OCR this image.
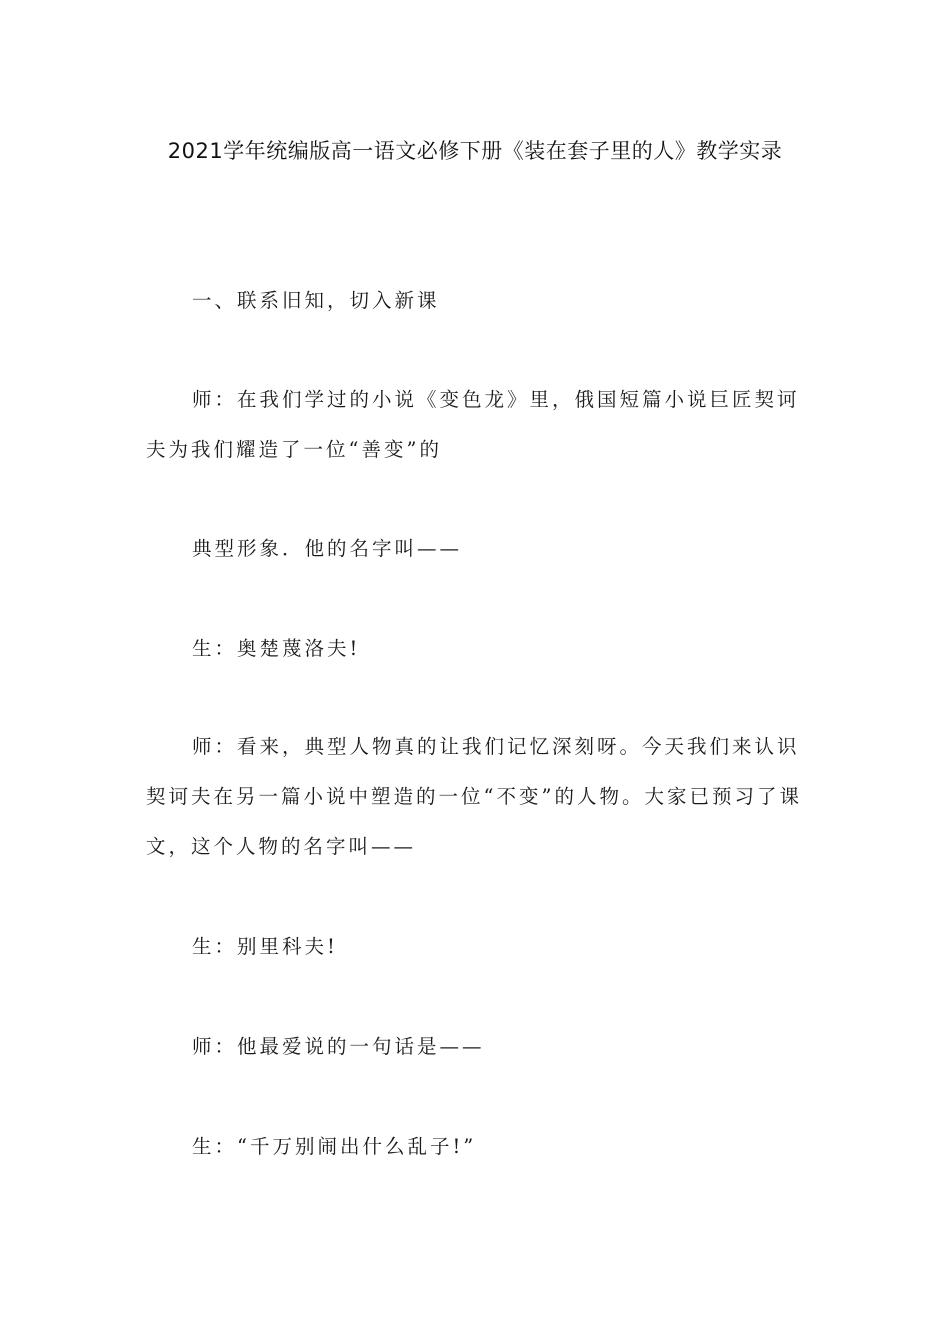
2021学年统编版高一语文必修下册《装在套子里的人》教学实录

一、联系旧知，切入新课

师：在我们学过的小说《变色龙》里，俄国短篇小说巨匠契诃夫为我们耀造了一位“善变”的

典型形象．他的名字叫——

生：奥楚蔑洛夫!

师：看来，典型人物真的让我们记忆深刻呀。今天我们来认识契诃夫在另一篇小说中塑造的一位“不变”的人物。大家已预习了课文，这个人物的名字叫——

生：别里科夫!

师：他最爱说的一句话是——

生：“千万别闹出什么乱子!”
